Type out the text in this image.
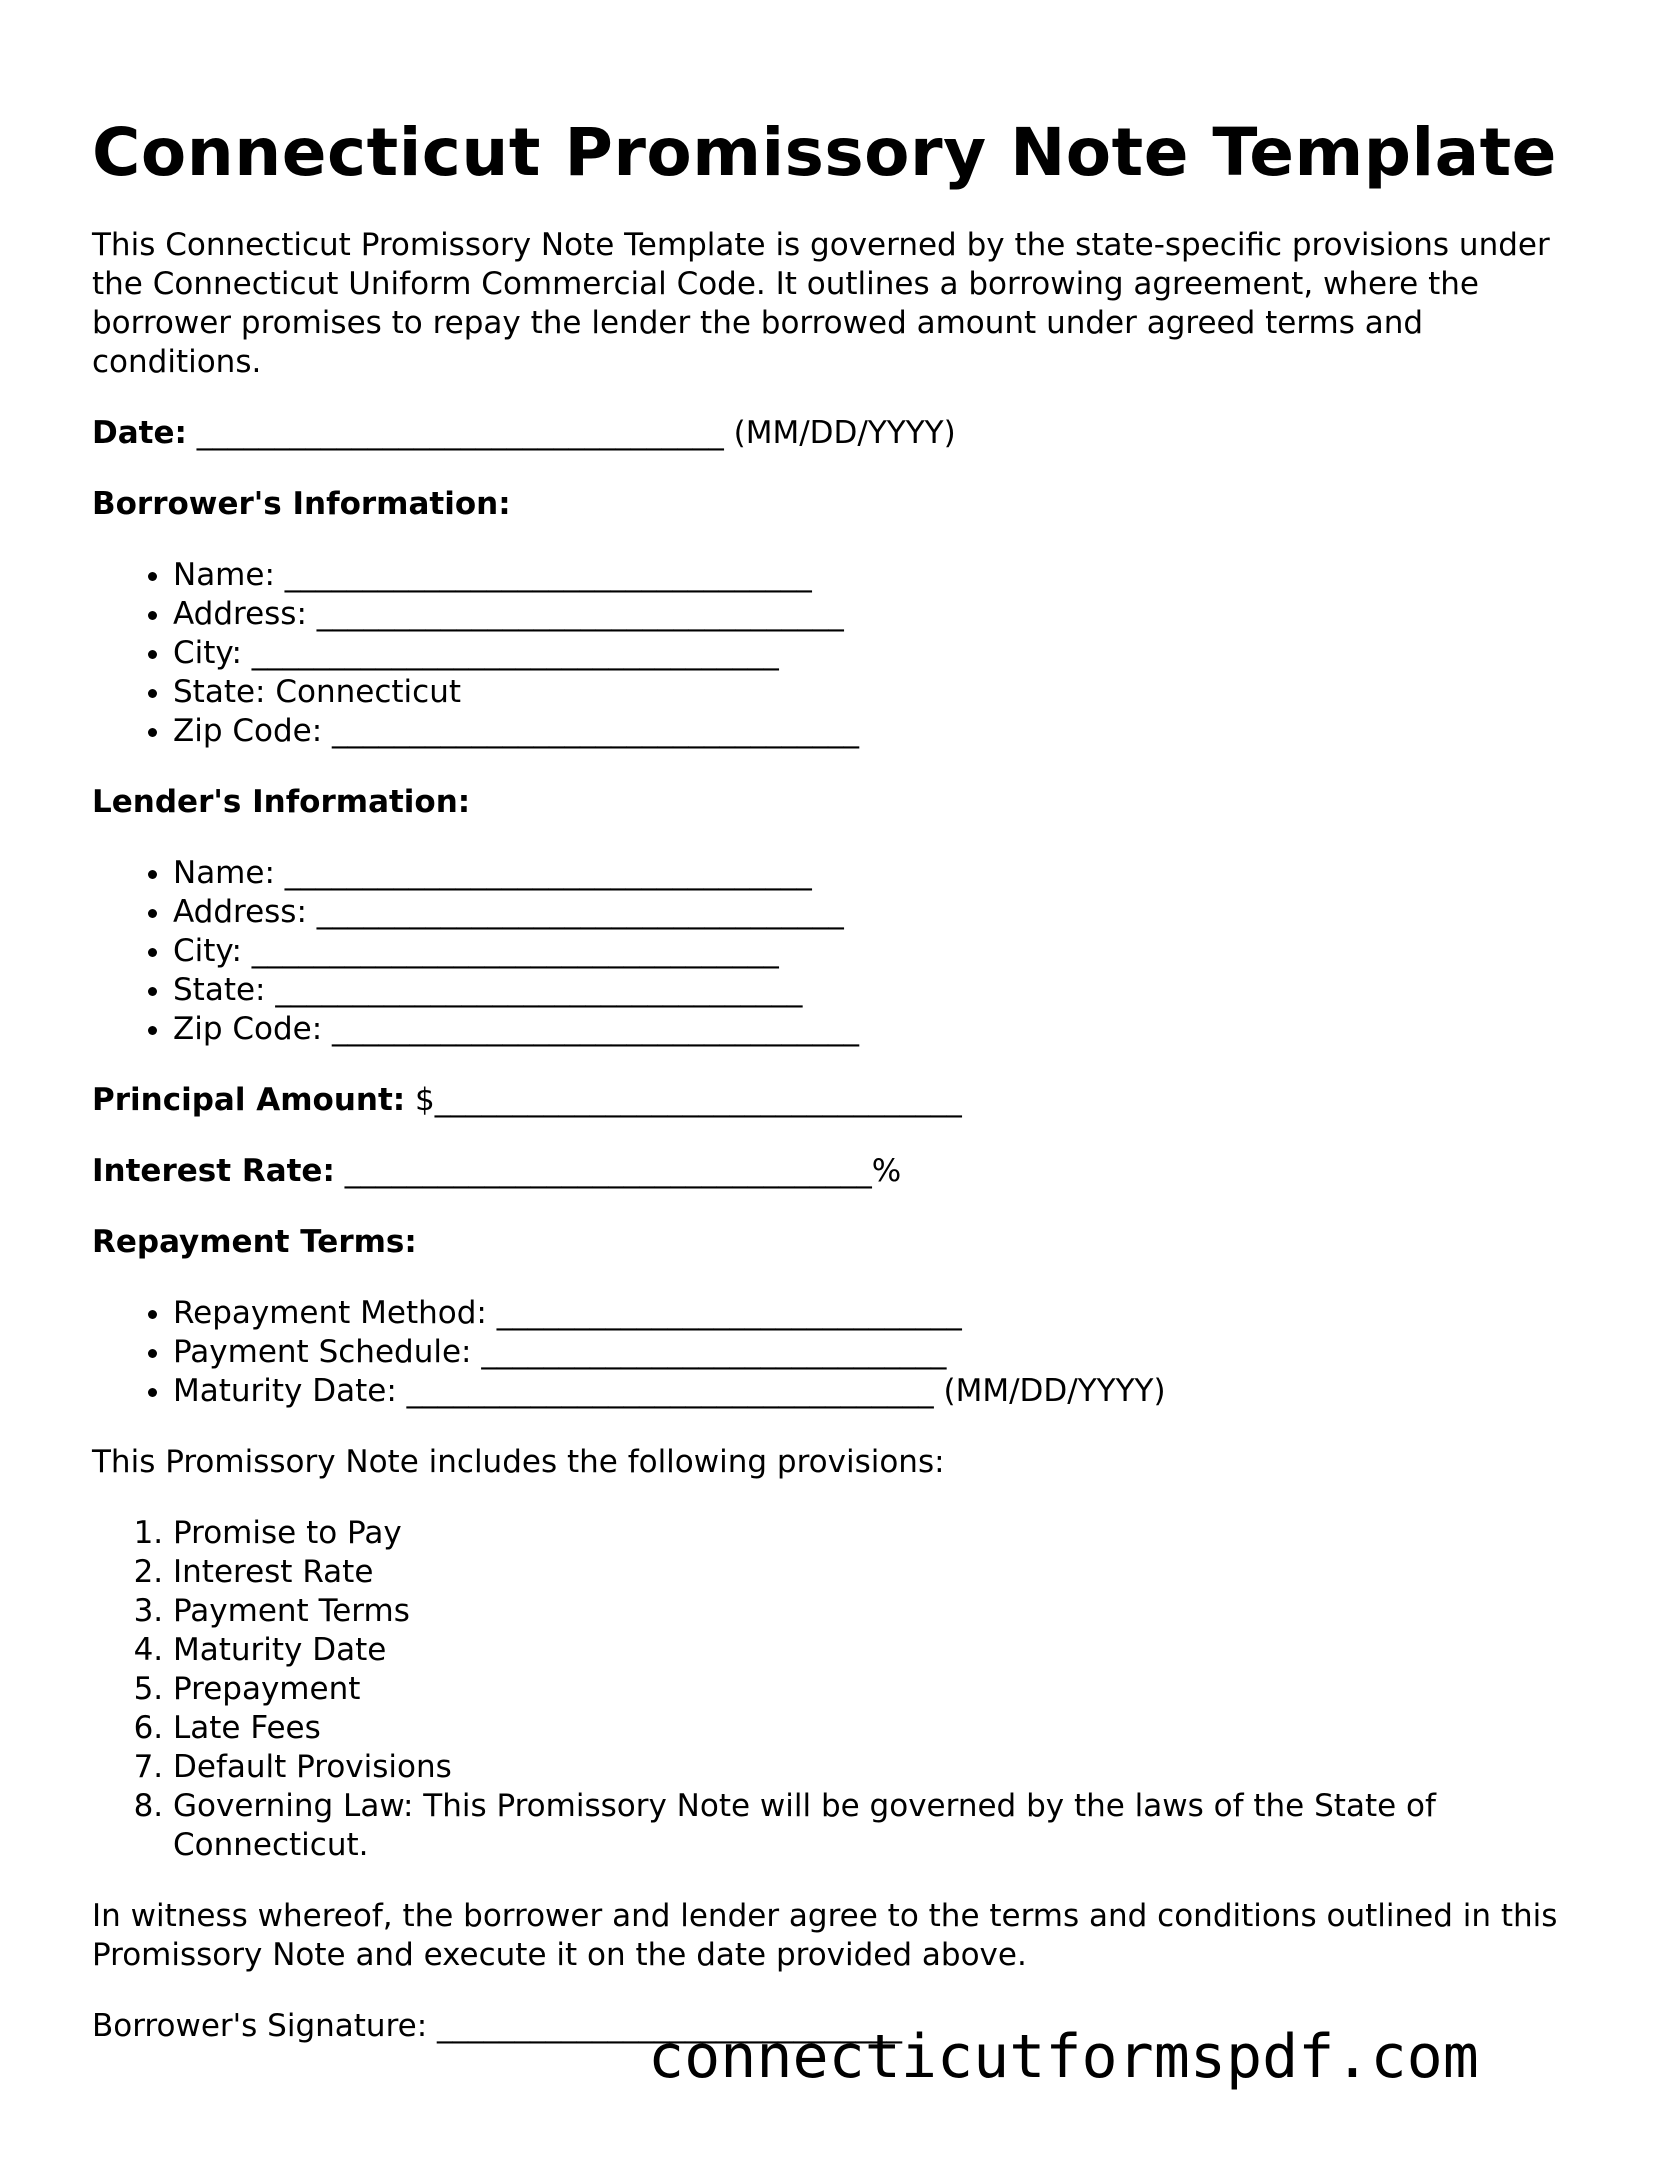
Connecticut Promissory Note Template

This Connecticut Promissory Note Template is governed by the state-specific provisions under the Connecticut Uniform Commercial Code. It outlines a borrowing agreement, where the borrower promises to repay the lender the borrowed amount under agreed terms and conditions.

Date: __________________________________ (MM/DD/YYYY)

Borrower's Information:

• Name: __________________________________
• Address: __________________________________
• City: __________________________________
• State: Connecticut
• Zip Code: __________________________________

Lender's Information:

• Name: __________________________________
• Address: __________________________________
• City: __________________________________
• State: __________________________________
• Zip Code: __________________________________

Principal Amount: $__________________________________

Interest Rate: __________________________________%

Repayment Terms:

• Repayment Method: ______________________________
• Payment Schedule: ______________________________
• Maturity Date: __________________________________ (MM/DD/YYYY)

This Promissory Note includes the following provisions:

1. Promise to Pay
2. Interest Rate
3. Payment Terms
4. Maturity Date
5. Prepayment
6. Late Fees
7. Default Provisions
8. Governing Law: This Promissory Note will be governed by the laws of the State of Connecticut.

In witness whereof, the borrower and lender agree to the terms and conditions outlined in this Promissory Note and execute it on the date provided above.

Borrower's Signature: ______________________________

connecticutformspdf.com
